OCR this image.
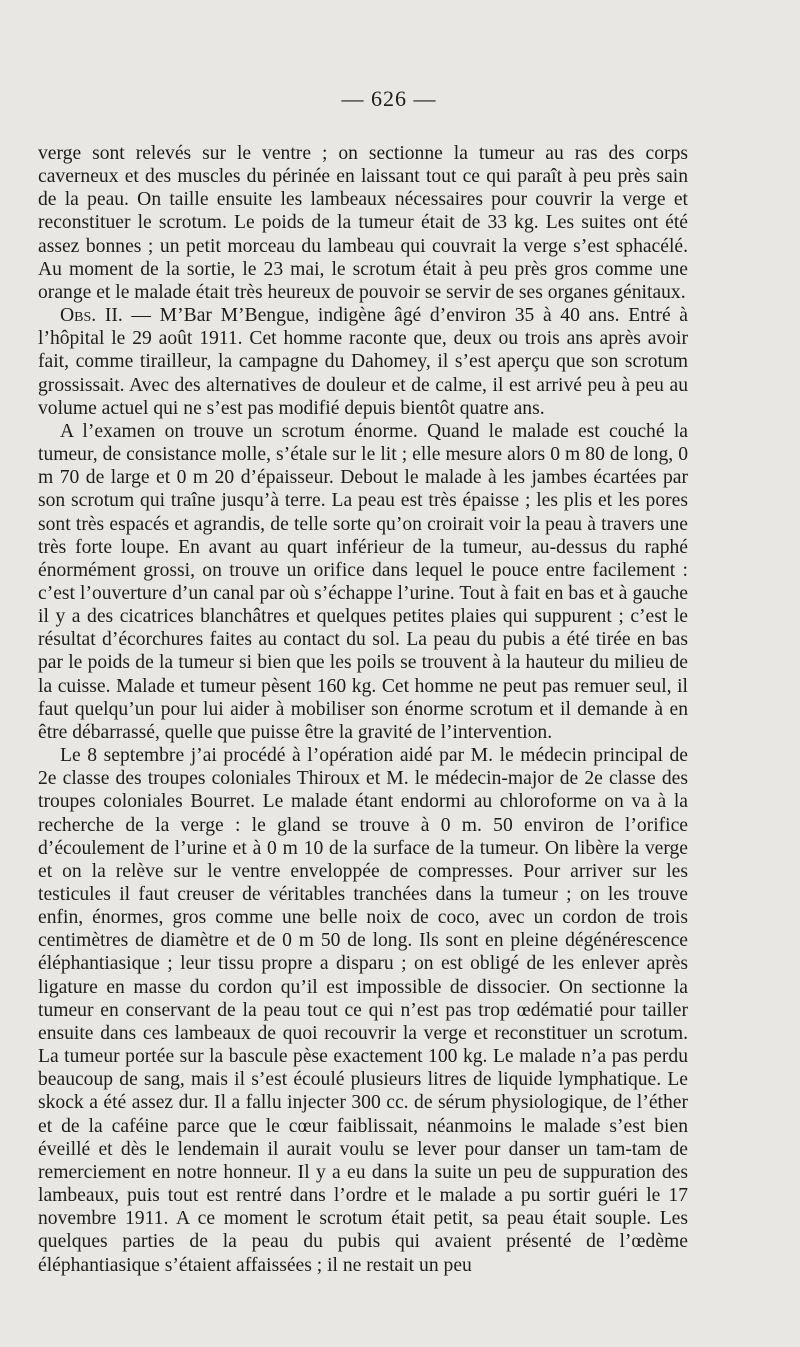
— 626 —

verge sont relevés sur le ventre ; on sectionne la tumeur au ras des corps caverneux et des muscles du périnée en laissant tout ce qui paraît à peu près sain de la peau. On taille ensuite les lambeaux nécessaires pour couvrir la verge et reconstituer le scrotum. Le poids de la tumeur était de 33 kg. Les suites ont été assez bonnes ; un petit morceau du lambeau qui couvrait la verge s’est sphacélé. Au moment de la sortie, le 23 mai, le scrotum était à peu près gros comme une orange et le malade était très heureux de pouvoir se servir de ses organes génitaux.

Obs. II. — M’Bar M’Bengue, indigène âgé d’environ 35 à 40 ans. Entré à l’hôpital le 29 août 1911. Cet homme raconte que, deux ou trois ans après avoir fait, comme tirailleur, la campagne du Dahomey, il s’est aperçu que son scrotum grossissait. Avec des alternatives de douleur et de calme, il est arrivé peu à peu au volume actuel qui ne s’est pas modifié depuis bientôt quatre ans.

A l’examen on trouve un scrotum énorme. Quand le malade est couché la tumeur, de consistance molle, s’étale sur le lit ; elle mesure alors 0 m 80 de long, 0 m 70 de large et 0 m 20 d’épaisseur. Debout le malade à les jambes écartées par son scrotum qui traîne jusqu’à terre. La peau est très épaisse ; les plis et les pores sont très espacés et agrandis, de telle sorte qu’on croirait voir la peau à travers une très forte loupe. En avant au quart inférieur de la tumeur, au-dessus du raphé énormément grossi, on trouve un orifice dans lequel le pouce entre facilement : c’est l’ouverture d’un canal par où s’échappe l’urine. Tout à fait en bas et à gauche il y a des cicatrices blanchâtres et quelques petites plaies qui suppurent ; c’est le résultat d’écorchures faites au contact du sol. La peau du pubis a été tirée en bas par le poids de la tumeur si bien que les poils se trouvent à la hauteur du milieu de la cuisse. Malade et tumeur pèsent 160 kg. Cet homme ne peut pas remuer seul, il faut quelqu’un pour lui aider à mobiliser son énorme scrotum et il demande à en être débarrassé, quelle que puisse être la gravité de l’intervention.

Le 8 septembre j’ai procédé à l’opération aidé par M. le médecin principal de 2e classe des troupes coloniales Thiroux et M. le médecin-major de 2e classe des troupes coloniales Bourret. Le malade étant endormi au chloroforme on va à la recherche de la verge : le gland se trouve à 0 m. 50 environ de l’orifice d’écoulement de l’urine et à 0 m 10 de la surface de la tumeur. On libère la verge et on la relève sur le ventre enveloppée de compresses. Pour arriver sur les testicules il faut creuser de véritables tranchées dans la tumeur ; on les trouve enfin, énormes, gros comme une belle noix de coco, avec un cordon de trois centimètres de diamètre et de 0 m 50 de long. Ils sont en pleine dégénérescence éléphantiasique ; leur tissu propre a disparu ; on est obligé de les enlever après ligature en masse du cordon qu’il est impossible de dissocier. On sectionne la tumeur en conservant de la peau tout ce qui n’est pas trop œdématié pour tailler ensuite dans ces lambeaux de quoi recouvrir la verge et reconstituer un scrotum. La tumeur portée sur la bascule pèse exactement 100 kg. Le malade n’a pas perdu beaucoup de sang, mais il s’est écoulé plusieurs litres de liquide lymphatique. Le skock a été assez dur. Il a fallu injecter 300 cc. de sérum physiologique, de l’éther et de la caféine parce que le cœur faiblissait, néanmoins le malade s’est bien éveillé et dès le lendemain il aurait voulu se lever pour danser un tam-tam de remerciement en notre honneur. Il y a eu dans la suite un peu de suppuration des lambeaux, puis tout est rentré dans l’ordre et le malade a pu sortir guéri le 17 novembre 1911. A ce moment le scrotum était petit, sa peau était souple. Les quelques parties de la peau du pubis qui avaient présenté de l’œdème éléphantiasique s’étaient affaissées ; il ne restait un peu
